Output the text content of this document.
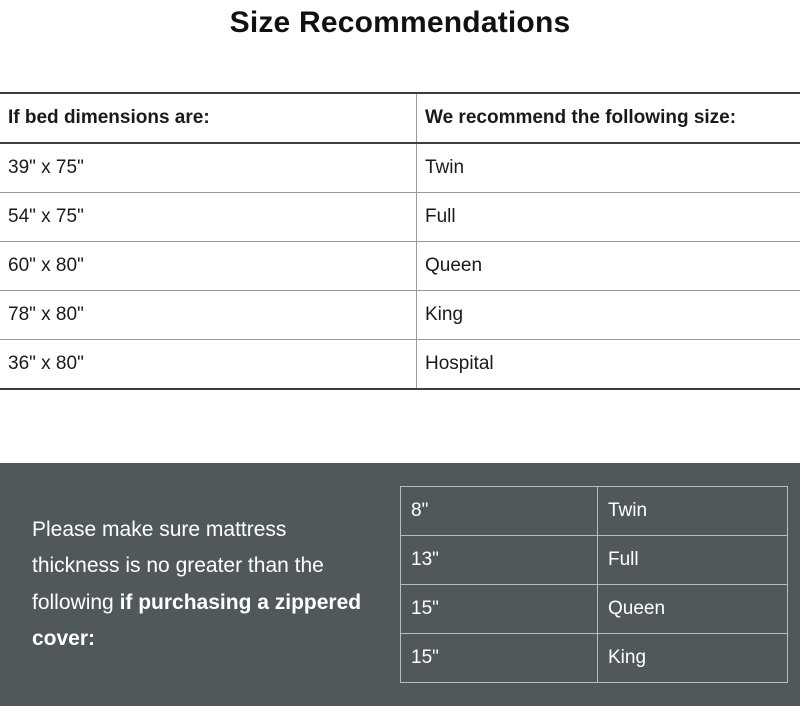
Size Recommendations
If bed dimensions are:	We recommend the following size:
39" x 75"	Twin
54" x 75"	Full
60" x 80"	Queen
78" x 80"	King
36" x 80"	Hospital
Please make sure mattress thickness is no greater than the following if purchasing a zippered cover:
8"	Twin
13"	Full
15"	Queen
15"	King
